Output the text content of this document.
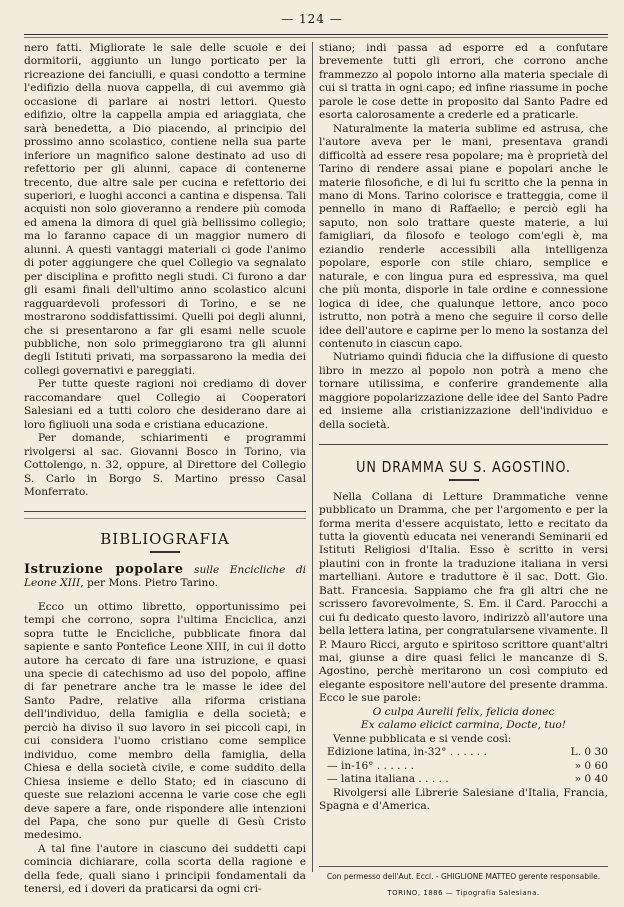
— 124 —

nero fatti. Migliorate le sale delle scuole e dei dormitorii, aggiunto un lungo porticato per la ricreazione dei fanciulli, e quasi condotto a termine l'edifizio della nuova cappella, di cui avemmo già occasione di parlare ai nostri lettori. Questo edifizio, oltre la cappella ampia ed ariaggiata, che sarà benedetta, a Dio piacendo, al principio del prossimo anno scolastico, contiene nella sua parte inferiore un magnifico salone destinato ad uso di refettorio per gli alunni, capace di contenerne trecento, due altre sale per cucina e refettorio dei superiori, e luoghi acconci a cantina e dispensa. Tali acquisti non solo gioveranno a rendere più comoda ed amena la dimora di quel già bellissimo collegio; ma lo faranno capace di un maggior numero di alunni. A questi vantaggi materiali ci gode l'animo di poter aggiungere che quel Collegio va segnalato per disciplina e profitto negli studi. Ci furono a dar gli esami finali dell'ultimo anno scolastico alcuni ragguardevoli professori di Torino, e se ne mostrarono soddisfattissimi. Quelli poi degli alunni, che si presentarono a far gli esami nelle scuole pubbliche, non solo primeggiarono tra gli alunni degli Istituti privati, ma sorpassarono la media dei collegi governativi e pareggiati.

Per tutte queste ragioni noi crediamo di dover raccomandare quel Collegio ai Cooperatori Salesiani ed a tutti coloro che desiderano dare ai loro figliuoli una soda e cristiana educazione.

Per domande, schiarimenti e programmi rivolgersi al sac. Giovanni Bosco in Torino, via Cottolengo, n. 32, oppure, al Direttore del Collegio S. Carlo in Borgo S. Martino presso Casal Monferrato.

BIBLIOGRAFIA

Istruzione popolare sulle Encicliche di Leone XIII, per Mons. Pietro Tarino.

Ecco un ottimo libretto, opportunissimo pei tempi che corrono, sopra l'ultima Enciclica, anzi sopra tutte le Encicliche, pubblicate finora dal sapiente e santo Pontefice Leone XIII, in cui il dotto autore ha cercato di fare una istruzione, e quasi una specie di catechismo ad uso del popolo, affine di far penetrare anche tra le masse le idee del Santo Padre, relative alla riforma cristiana dell'individuo, della famiglia e della società; e perciò ha diviso il suo lavoro in sei piccoli capi, in cui considera l'uomo cristiano come semplice individuo, come membro della famiglia, della Chiesa e della società civile, e come suddito della Chiesa insieme e dello Stato; ed in ciascuno di queste sue relazioni accenna le varie cose che egli deve sapere a fare, onde rispondere alle intenzioni del Papa, che sono pur quelle di Gesù Cristo medesimo.

A tal fine l'autore in ciascuno dei suddetti capi comincia dichiarare, colla scorta della ragione e della fede, quali siano i principii fondamentali da tenersi, ed i doveri da praticarsi da ogni cri-

stiano; indi passa ad esporre ed a confutare brevemente tutti gli errori, che corrono anche frammezzo al popolo intorno alla materia speciale di cui si tratta in ogni capo; ed infine riassume in poche parole le cose dette in proposito dal Santo Padre ed esorta calorosamente a crederle ed a praticarle.

Naturalmente la materia sublime ed astrusa, che l'autore aveva per le mani, presentava grandi difficoltà ad essere resa popolare; ma è proprietà del Tarino di rendere assai piane e popolari anche le materie filosofiche, e di lui fu scritto che la penna in mano di Mons. Tarino colorisce e tratteggia, come il pennello in mano di Raffaello; e perciò egli ha saputo, non solo trattare queste materie, a lui famigliari, da filosofo e teologo com'egli è, ma eziandio renderle accessibili alla intelligenza popolare, esporle con stile chiaro, semplice e naturale, e con lingua pura ed espressiva, ma quel che più monta, disporle in tale ordine e connessione logica di idee, che qualunque lettore, anco poco istrutto, non potrà a meno che seguire il corso delle idee dell'autore e capirne per lo meno la sostanza del contenuto in ciascun capo.

Nutriamo quindi fiducia che la diffusione di questo libro in mezzo al popolo non potrà a meno che tornare utilissima, e conferire grandemente alla maggiore popolarizzazione delle idee del Santo Padre ed insieme alla cristianizzazione dell'individuo e della società.

UN DRAMMA SU S. AGOSTINO.

Nella Collana di Letture Drammatiche venne pubblicato un Dramma, che per l'argomento e per la forma merita d'essere acquistato, letto e recitato da tutta la gioventù educata nei venerandi Seminarii ed Istituti Religiosi d'Italia. Esso è scritto in versi plautini con in fronte la traduzione italiana in versi martelliani. Autore e traduttore è il sac. Dott. Gio. Batt. Francesia. Sappiamo che fra gli altri che ne scrissero favorevolmente, S. Em. il Card. Parocchi a cui fu dedicato questo lavoro, indirizzò all'autore una bella lettera latina, per congratularsene vivamente. Il P. Mauro Ricci, arguto e spiritoso scrittore quant'altri mai, giunse a dire quasi felici le mancanze di S. Agostino, perchè meritarono un così compiuto ed elegante espositore nell'autore del presente dramma. Ecco le sue parole:

O culpa Aurelii felix, felicia donec

Ex calamo elicict carmina, Docte, tuo!

Venne pubblicata e si vende così:

Edizione latina, in-32° . . . . . .	L. 0 30
— in-16° . . . . . .	» 0 60
— latina italiana . . . . .	» 0 40

Rivolgersi alle Librerie Salesiane d'Italia, Francia, Spagna e d'America.

Con permesso dell'Aut. Eccl. - GHIGLIONE MATTEO gerente responsabile.
TORINO, 1886 — Tipografia Salesiana.
